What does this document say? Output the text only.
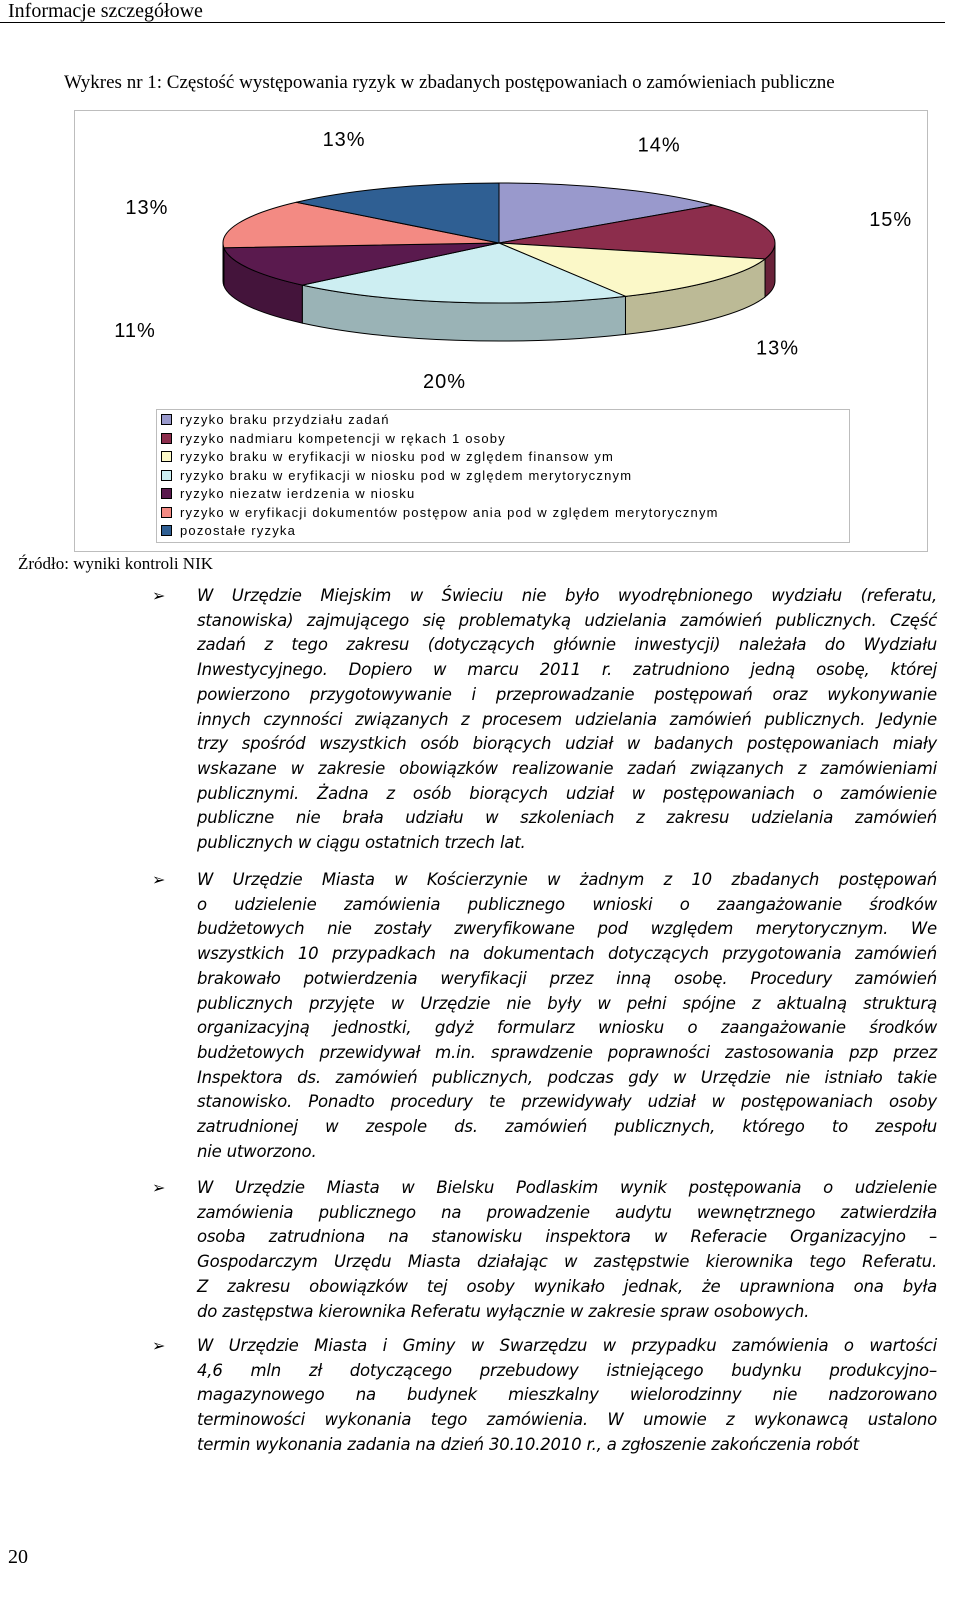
Informacje szczegółowe
Wykres nr 1: Częstość występowania ryzyk w zbadanych postępowaniach o zamówieniach publiczne
14%
15%
13%
20%
11%
13%
13%
ryzyko braku przydziału zadań
ryzyko nadmiaru kompetencji w rękach 1 osoby
ryzyko braku w eryfikacji w niosku pod w zględem finansow ym
ryzyko braku w eryfikacji w niosku pod w zględem merytorycznym
ryzyko niezatw ierdzenia w niosku
ryzyko w eryfikacji dokumentów postępow ania pod w zględem merytorycznym
pozostałe ryzyka
Źródło: wyniki kontroli NIK
➢ W Urzędzie Miejskim w Świeciu nie było wyodrębnionego wydziału (referatu,
stanowiska) zajmującego się problematyką udzielania zamówień publicznych. Część
zadań z tego zakresu (dotyczących głównie inwestycji) należała do Wydziału
Inwestycyjnego. Dopiero w marcu 2011 r. zatrudniono jedną osobę, której
powierzono przygotowywanie i przeprowadzanie postępowań oraz wykonywanie
innych czynności związanych z procesem udzielania zamówień publicznych. Jedynie
trzy spośród wszystkich osób biorących udział w badanych postępowaniach miały
wskazane w zakresie obowiązków realizowanie zadań związanych z zamówieniami
publicznymi. Żadna z osób biorących udział w postępowaniach o zamówienie
publiczne nie brała udziału w szkoleniach z zakresu udzielania zamówień
publicznych w ciągu ostatnich trzech lat.
➢ W Urzędzie Miasta w Kościerzynie w żadnym z 10 zbadanych postępowań
o udzielenie zamówienia publicznego wnioski o zaangażowanie środków
budżetowych nie zostały zweryfikowane pod względem merytorycznym. We
wszystkich 10 przypadkach na dokumentach dotyczących przygotowania zamówień
brakowało potwierdzenia weryfikacji przez inną osobę. Procedury zamówień
publicznych przyjęte w Urzędzie nie były w pełni spójne z aktualną strukturą
organizacyjną jednostki, gdyż formularz wniosku o zaangażowanie środków
budżetowych przewidywał m.in. sprawdzenie poprawności zastosowania pzp przez
Inspektora ds. zamówień publicznych, podczas gdy w Urzędzie nie istniało takie
stanowisko. Ponadto procedury te przewidywały udział w postępowaniach osoby
zatrudnionej w zespole ds. zamówień publicznych, którego to zespołu
nie utworzono.
➢ W Urzędzie Miasta w Bielsku Podlaskim wynik postępowania o udzielenie
zamówienia publicznego na prowadzenie audytu wewnętrznego zatwierdziła
osoba zatrudniona na stanowisku inspektora w Referacie Organizacyjno –
Gospodarczym Urzędu Miasta działając w zastępstwie kierownika tego Referatu.
Z zakresu obowiązków tej osoby wynikało jednak, że uprawniona ona była
do zastępstwa kierownika Referatu wyłącznie w zakresie spraw osobowych.
➢ W Urzędzie Miasta i Gminy w Swarzędzu w przypadku zamówienia o wartości
4,6 mln zł dotyczącego przebudowy istniejącego budynku produkcyjno–
magazynowego na budynek mieszkalny wielorodzinny nie nadzorowano
terminowości wykonania tego zamówienia. W umowie z wykonawcą ustalono
termin wykonania zadania na dzień 30.10.2010 r., a zgłoszenie zakończenia robót
20
